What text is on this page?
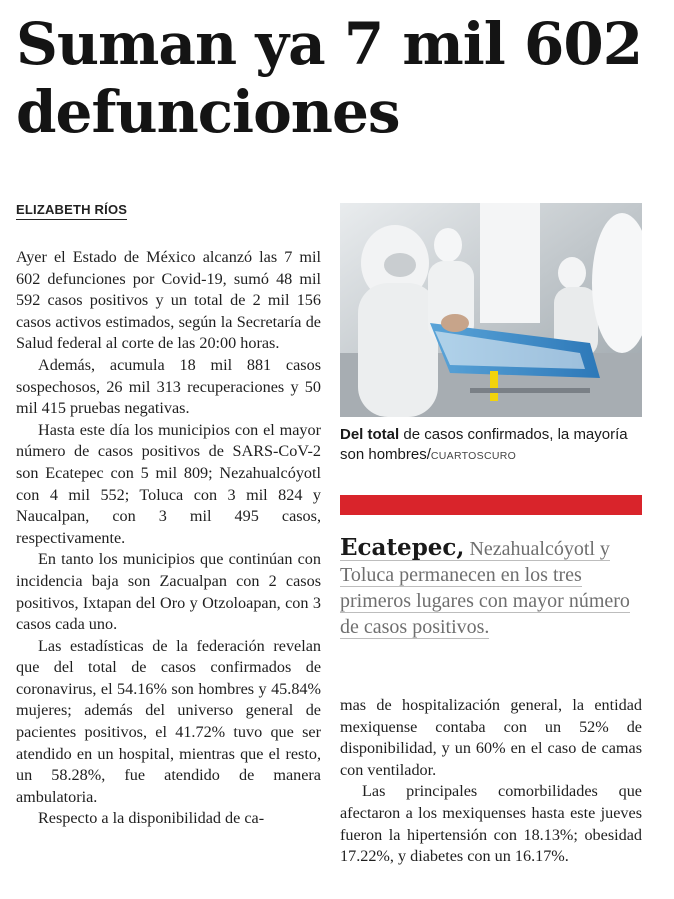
Suman ya 7 mil 602 defunciones
ELIZABETH RÍOS

Ayer el Estado de México alcanzó las 7 mil 602 defunciones por Covid-19, sumó 48 mil 592 casos positivos y un total de 2 mil 156 casos activos estimados, según la Secretaría de Salud federal al corte de las 20:00 horas.

Además, acumula 18 mil 881 casos sospechosos, 26 mil 313 recuperaciones y 50 mil 415 pruebas negativas.

Hasta este día los municipios con el mayor número de casos positivos de SARS-CoV-2 son Ecatepec con 5 mil 809; Nezahualcóyotl con 4 mil 552; Toluca con 3 mil 824 y Naucalpan, con 3 mil 495 casos, respectivamente.

En tanto los municipios que continúan con incidencia baja son Zacualpan con 2 casos positivos, Ixtapan del Oro y Otzoloapan, con 3 casos cada uno.

Las estadísticas de la federación revelan que del total de casos confirmados de coronavirus, el 54.16% son hombres y 45.84% mujeres; además del universo general de pacientes positivos, el 41.72% tuvo que ser atendido en un hospital, mientras que el resto, un 58.28%, fue atendido de manera ambulatoria.

Respecto a la disponibilidad de ca-

Del total de casos confirmados, la mayoría son hombres/CUARTOSCURO
Ecatepec, Nezahualcóyotl y Toluca permanecen en los tres primeros lugares con mayor número de casos positivos.

mas de hospitalización general, la entidad mexiquense contaba con un 52% de disponibilidad, y un 60% en el caso de camas con ventilador.

Las principales comorbilidades que afectaron a los mexiquenses hasta este jueves fueron la hipertensión con 18.13%; obesidad 17.22%, y diabetes con un 16.17%.
